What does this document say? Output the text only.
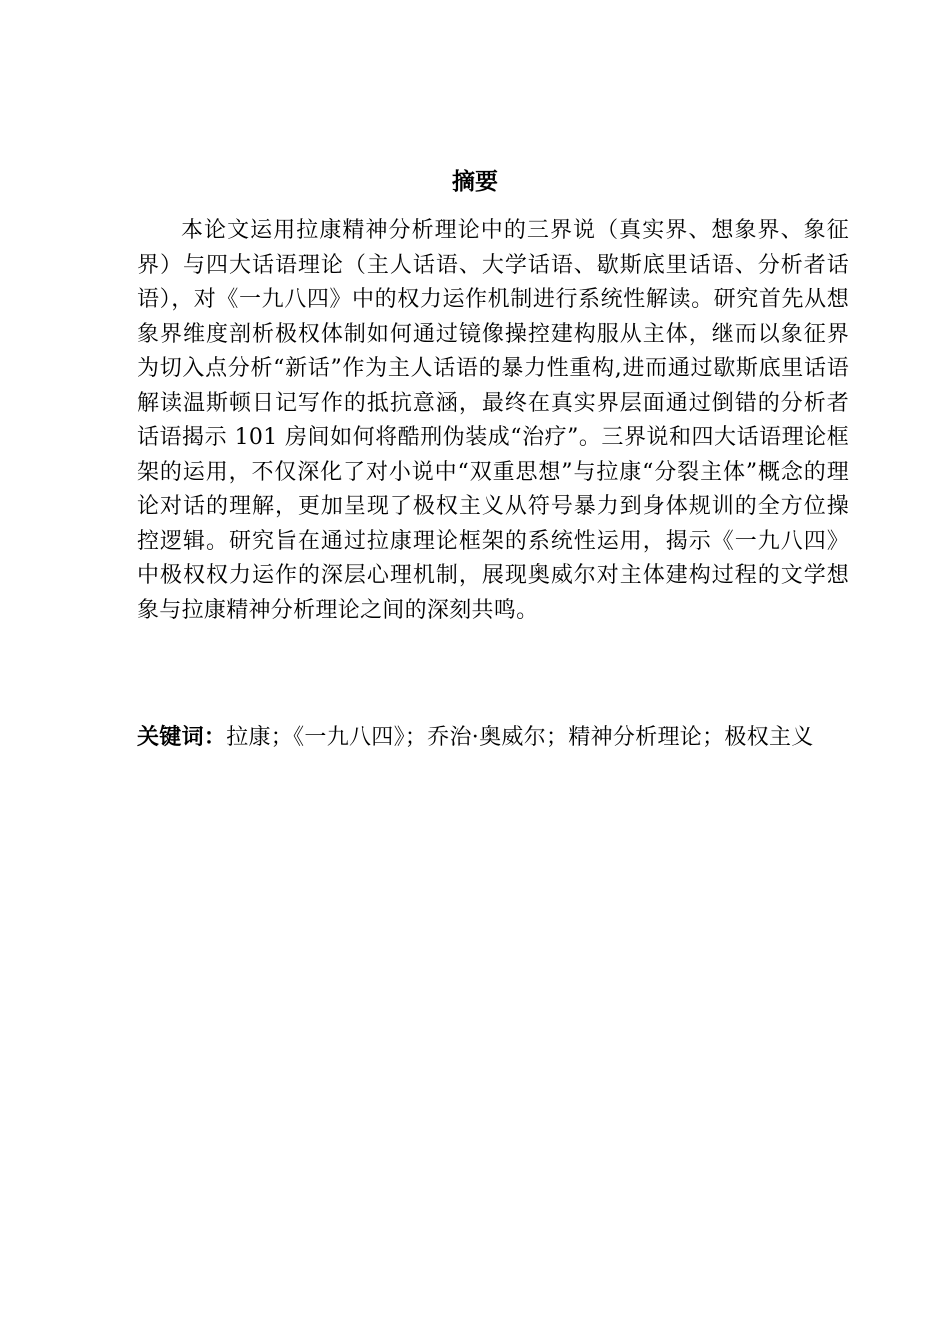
摘要

本论文运用拉康精神分析理论中的三界说（真实界、想象界、象征界）与四大话语理论（主人话语、大学话语、歇斯底里话语、分析者话语），对《一九八四》中的权力运作机制进行系统性解读。研究首先从想象界维度剖析极权体制如何通过镜像操控建构服从主体，继而以象征界为切入点分析“新话”作为主人话语的暴力性重构,进而通过歇斯底里话语解读温斯顿日记写作的抵抗意涵，最终在真实界层面通过倒错的分析者话语揭示 101 房间如何将酷刑伪装成“治疗”。三界说和四大话语理论框架的运用，不仅深化了对小说中“双重思想”与拉康“分裂主体”概念的理论对话的理解，更加呈现了极权主义从符号暴力到身体规训的全方位操控逻辑。研究旨在通过拉康理论框架的系统性运用，揭示《一九八四》中极权权力运作的深层心理机制，展现奥威尔对主体建构过程的文学想象与拉康精神分析理论之间的深刻共鸣。

关键词：拉康；《一九八四》；乔治·奥威尔；精神分析理论；极权主义
